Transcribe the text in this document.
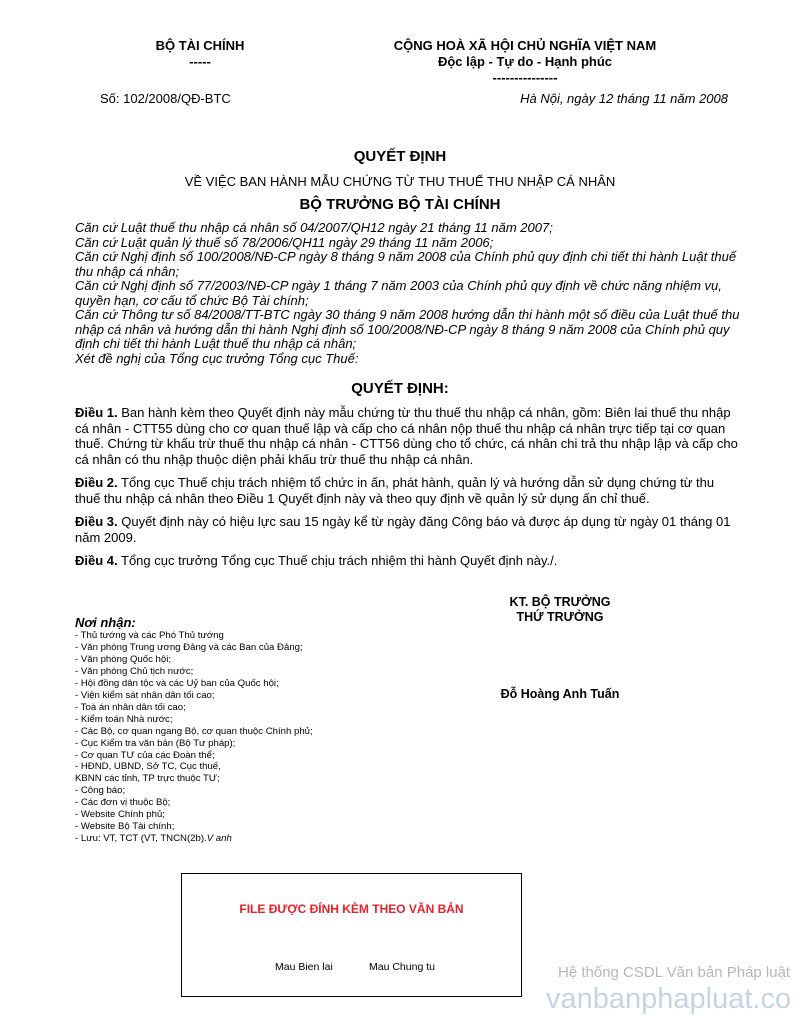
BỘ TÀI CHÍNH
-----
CỘNG HOÀ XÃ HỘI CHỦ NGHĨA VIỆT NAM
Độc lập - Tự do - Hạnh phúc
---------------
Số: 102/2008/QĐ-BTC	Hà Nội, ngày 12 tháng 11 năm 2008
QUYẾT ĐỊNH
VỀ VIỆC BAN HÀNH MẪU CHỨNG TỪ THU THUẾ THU NHẬP CÁ NHÂN
BỘ TRƯỞNG BỘ TÀI CHÍNH
Căn cứ Luật thuế thu nhập cá nhân số 04/2007/QH12 ngày 21 tháng 11 năm 2007;
Căn cứ Luật quản lý thuế số 78/2006/QH11 ngày 29 tháng 11 năm 2006;
Căn cứ Nghị định số 100/2008/NĐ-CP ngày 8 tháng 9 năm 2008 của Chính phủ quy định chi tiết thi hành Luật thuế thu nhập cá nhân;
Căn cứ Nghị định số 77/2003/NĐ-CP ngày 1 tháng 7 năm 2003 của Chính phủ quy định về chức năng nhiệm vụ, quyền hạn, cơ cấu tổ chức Bộ Tài chính;
Căn cứ Thông tư số 84/2008/TT-BTC ngày 30 tháng 9 năm 2008 hướng dẫn thi hành một số điều của Luật thuế thu nhập cá nhân và hướng dẫn thi hành Nghị định số 100/2008/NĐ-CP ngày 8 tháng 9 năm 2008 của Chính phủ quy định chi tiết thi hành Luật thuế thu nhập cá nhân;
Xét đề nghị của Tổng cục trưởng Tổng cục Thuế:
QUYẾT ĐỊNH:
Điều 1. Ban hành kèm theo Quyết định này mẫu chứng từ thu thuế thu nhập cá nhân, gồm: Biên lai thuế thu nhập cá nhân - CTT55 dùng cho cơ quan thuế lập và cấp cho cá nhân nộp thuế thu nhập cá nhân trực tiếp tại cơ quan thuế. Chứng từ khấu trừ thuế thu nhập cá nhân - CTT56 dùng cho tổ chức, cá nhân chi trả thu nhập lập và cấp cho cá nhân có thu nhập thuộc diện phải khấu trừ thuế thu nhập cá nhân.
Điều 2. Tổng cục Thuế chịu trách nhiệm tổ chức in ấn, phát hành, quản lý và hướng dẫn sử dụng chứng từ thu thuế thu nhập cá nhân theo Điều 1 Quyết định này và theo quy định về quản lý sử dụng ấn chỉ thuế.
Điều 3. Quyết định này có hiệu lực sau 15 ngày kể từ ngày đăng Công báo và được áp dụng từ ngày 01 tháng 01 năm 2009.
Điều 4. Tổng cục trưởng Tổng cục Thuế chịu trách nhiệm thi hành Quyết định này./.
KT. BỘ TRƯỞNG
THỨ TRƯỞNG
Đỗ Hoàng Anh Tuấn
Nơi nhận:
- Thủ tướng và các Phó Thủ tướng
- Văn phòng Trung ương Đảng và các Ban của Đảng;
- Văn phòng Quốc hội;
- Văn phòng Chủ tịch nước;
- Hội đồng dân tộc và các Uỷ ban của Quốc hội;
- Viện kiểm sát nhân dân tối cao;
- Toà án nhân dân tối cao;
- Kiểm toán Nhà nước;
- Các Bộ, cơ quan ngang Bộ, cơ quan thuộc Chính phủ;
- Cục Kiểm tra văn bản (Bộ Tư pháp);
- Cơ quan TƯ của các Đoàn thể;
- HĐND, UBND, Sở TC, Cục thuế,
KBNN các tỉnh, TP trực thuộc TƯ;
- Công báo;
- Các đơn vị thuộc Bộ;
- Website Chính phủ;
- Website Bộ Tài chính;
- Lưu: VT, TCT (VT, TNCN(2b).V anh
FILE ĐƯỢC ĐÍNH KÈM THEO VĂN BẢN
Mau Bien lai	Mau Chung tu	Hệ thống CSDL Văn bản Pháp luật
vanbanphapluat.co
